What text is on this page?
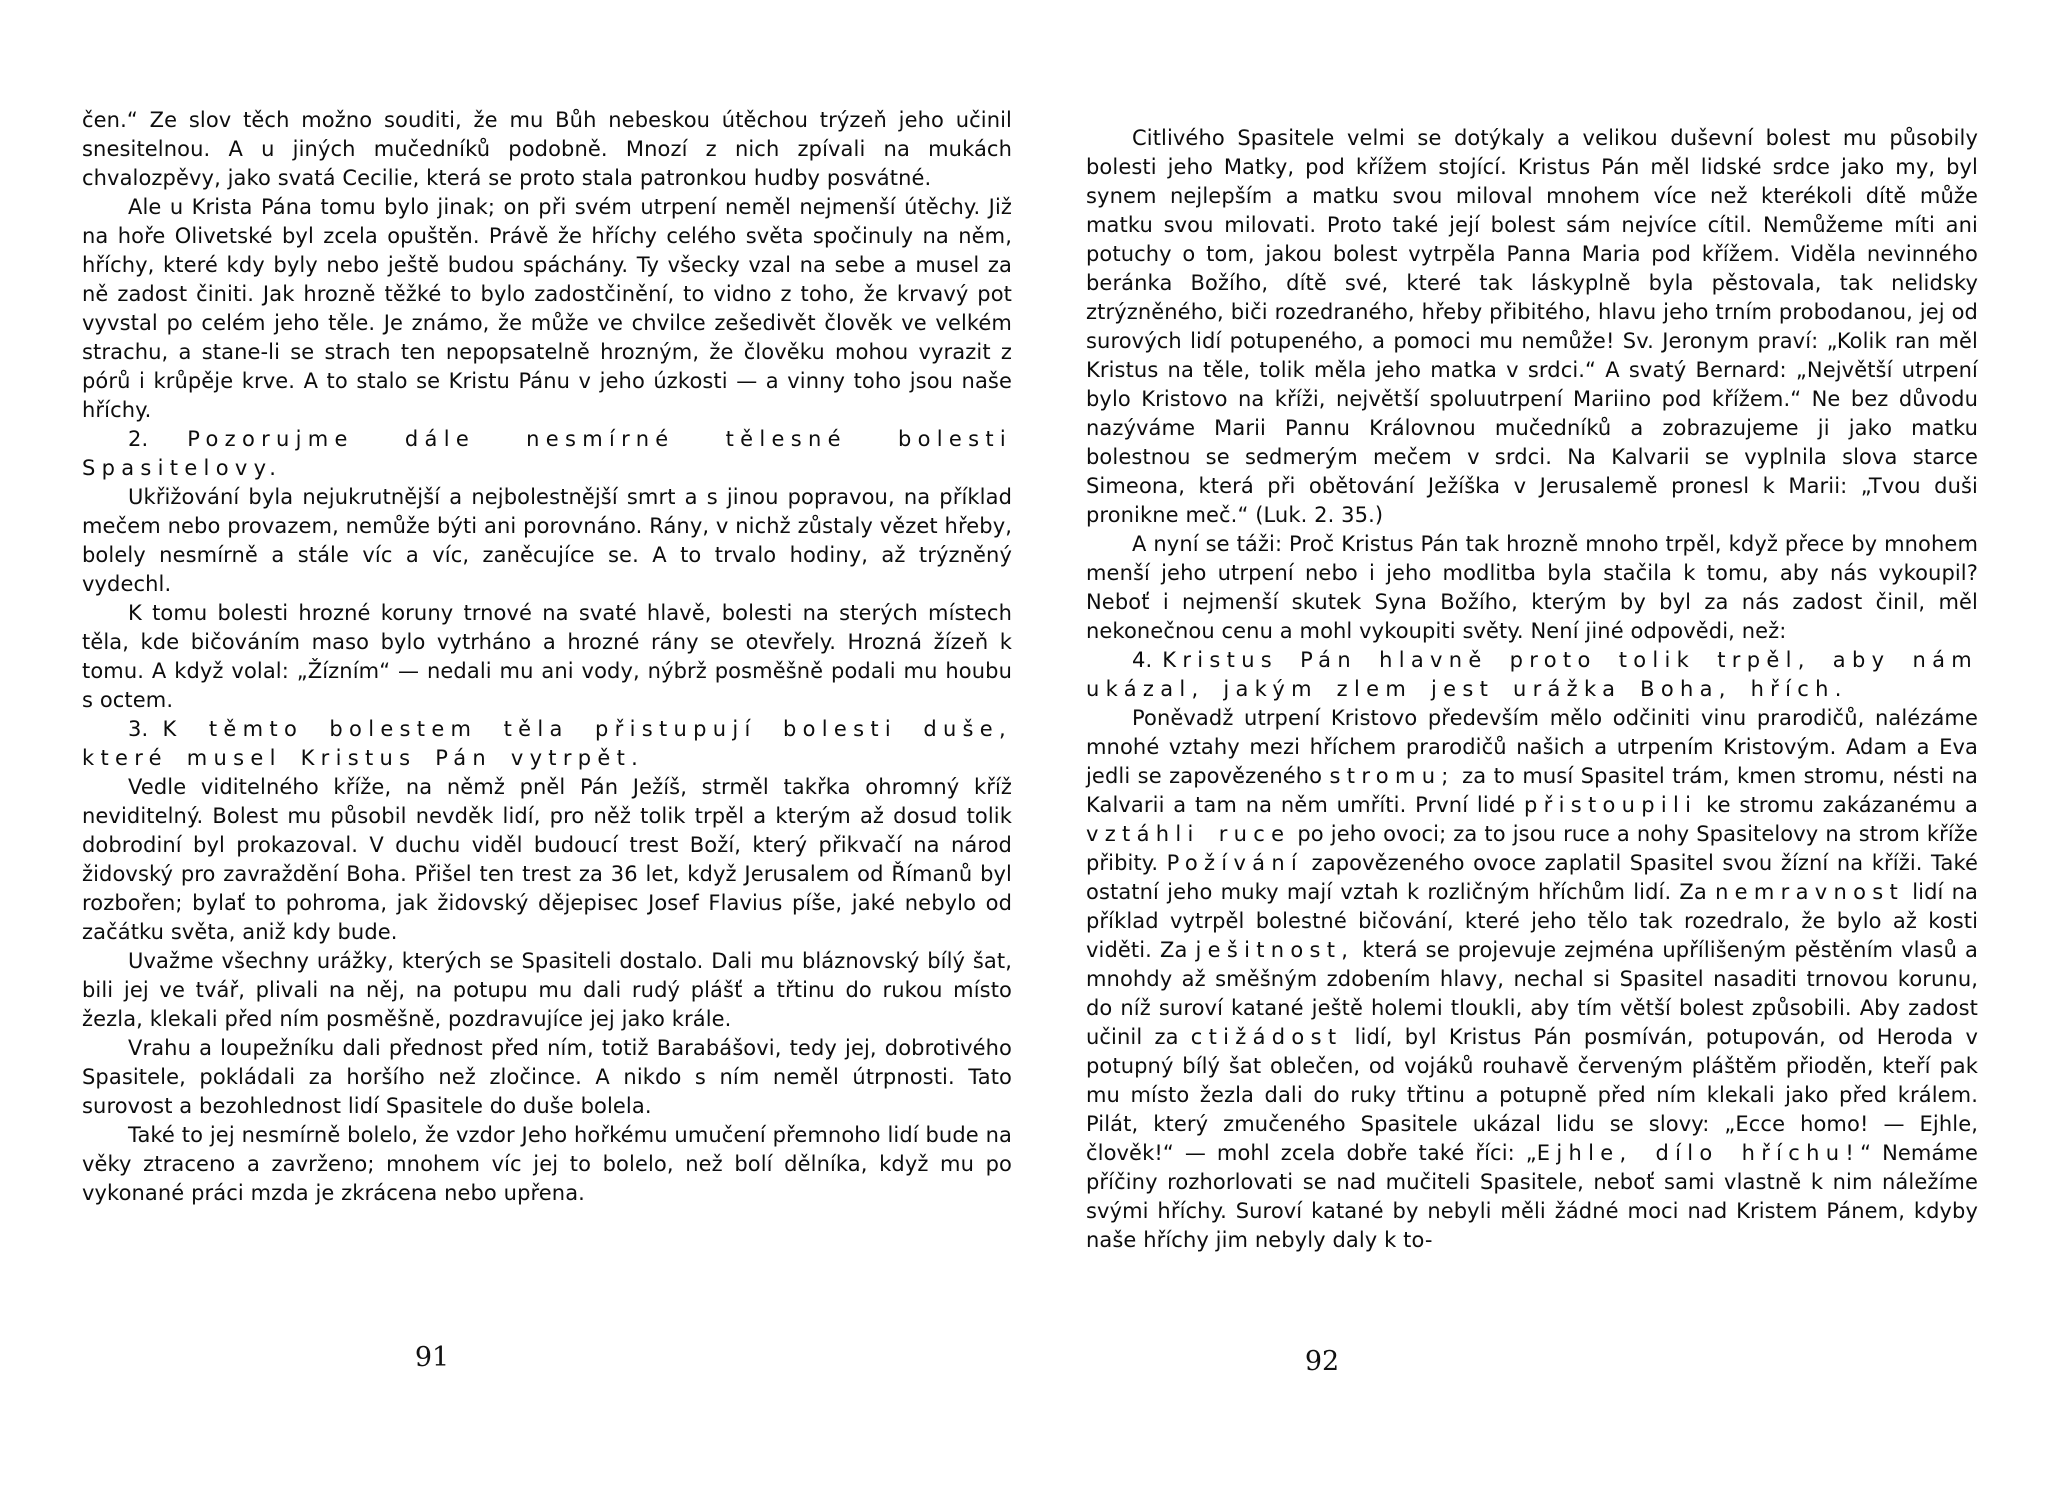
čen.“ Ze slov těch možno souditi, že mu Bůh nebeskou útěchou trýzeň jeho učinil snesitelnou. A u jiných mučedníků podobně. Mnozí z nich zpívali na mukách chvalozpěvy, jako svatá Cecilie, která se proto stala patronkou hudby posvátné.

Ale u Krista Pána tomu bylo jinak; on při svém utrpení neměl nejmenší útěchy. Již na hoře Olivetské byl zcela opuštěn. Právě že hříchy celého světa spočinuly na něm, hříchy, které kdy byly nebo ještě budou spáchány. Ty všecky vzal na sebe a musel za ně zadost činiti. Jak hrozně těžké to bylo zadostčinění, to vidno z toho, že krvavý pot vyvstal po celém jeho těle. Je známo, že může ve chvilce zešedivět člověk ve velkém strachu, a stane-li se strach ten nepopsatelně hrozným, že člověku mohou vyrazit z pórů i krůpěje krve. A to stalo se Kristu Pánu v jeho úzkosti — a vinny toho jsou naše hříchy.

2. Pozorujme dále nesmírné tělesné bolesti Spasitelovy.

Ukřižování byla nejukrutnější a nejbolestnější smrt a s jinou popravou, na příklad mečem nebo provazem, nemůže býti ani porovnáno. Rány, v nichž zůstaly vězet hřeby, bolely nesmírně a stále víc a víc, zaněcujíce se. A to trvalo hodiny, až trýzněný vydechl.

K tomu bolesti hrozné koruny trnové na svaté hlavě, bolesti na sterých místech těla, kde bičováním maso bylo vytrháno a hrozné rány se otevřely. Hrozná žízeň k tomu. A když volal: „Žízním“ — nedali mu ani vody, nýbrž posměšně podali mu houbu s octem.

3. K těmto bolestem těla přistupují bolesti duše, které musel Kristus Pán vytrpět.

Vedle viditelného kříže, na němž pněl Pán Ježíš, strměl takřka ohromný kříž neviditelný. Bolest mu působil nevděk lidí, pro něž tolik trpěl a kterým až dosud tolik dobrodiní byl prokazoval. V duchu viděl budoucí trest Boží, který přikvačí na národ židovský pro zavraždění Boha. Přišel ten trest za 36 let, když Jerusalem od Římanů byl rozbořen; bylať to pohroma, jak židovský dějepisec Josef Flavius píše, jaké nebylo od začátku světa, aniž kdy bude.

Uvažme všechny urážky, kterých se Spasiteli dostalo. Dali mu bláznovský bílý šat, bili jej ve tvář, plivali na něj, na potupu mu dali rudý plášť a třtinu do rukou místo žezla, klekali před ním posměšně, pozdravujíce jej jako krále.

Vrahu a loupežníku dali přednost před ním, totiž Barabášovi, tedy jej, dobrotivého Spasitele, pokládali za horšího než zločince. A nikdo s ním neměl útrpnosti. Tato surovost a bezohlednost lidí Spasitele do duše bolela.

Také to jej nesmírně bolelo, že vzdor Jeho hořkému umučení přemnoho lidí bude na věky ztraceno a zavrženo; mnohem víc jej to bolelo, než bolí dělníka, když mu po vykonané práci mzda je zkrácena nebo upřena.

Citlivého Spasitele velmi se dotýkaly a velikou duševní bolest mu působily bolesti jeho Matky, pod křížem stojící. Kristus Pán měl lidské srdce jako my, byl synem nejlepším a matku svou miloval mnohem více než kterékoli dítě může matku svou milovati. Proto také její bolest sám nejvíce cítil. Nemůžeme míti ani potuchy o tom, jakou bolest vytrpěla Panna Maria pod křížem. Viděla nevinného beránka Božího, dítě své, které tak láskyplně byla pěstovala, tak nelidsky ztrýzněného, biči rozedraného, hřeby přibitého, hlavu jeho trním probodanou, jej od surových lidí potupeného, a pomoci mu nemůže! Sv. Jeronym praví: „Kolik ran měl Kristus na těle, tolik měla jeho matka v srdci.“ A svatý Bernard: „Největší utrpení bylo Kristovo na kříži, největší spoluutrpení Mariino pod křížem.“ Ne bez důvodu nazýváme Marii Pannu Královnou mučedníků a zobrazujeme ji jako matku bolestnou se sedmerým mečem v srdci. Na Kalvarii se vyplnila slova starce Simeona, která při obětování Ježíška v Jerusalemě pronesl k Marii: „Tvou duši pronikne meč.“ (Luk. 2. 35.)

A nyní se táži: Proč Kristus Pán tak hrozně mnoho trpěl, když přece by mnohem menší jeho utrpení nebo i jeho modlitba byla stačila k tomu, aby nás vykoupil? Neboť i nejmenší skutek Syna Božího, kterým by byl za nás zadost činil, měl nekonečnou cenu a mohl vykoupiti světy. Není jiné odpovědi, než:

4. Kristus Pán hlavně proto tolik trpěl, aby nám ukázal, jakým zlem jest urážka Boha, hřích.

Poněvadž utrpení Kristovo především mělo odčiniti vinu prarodičů, nalézáme mnohé vztahy mezi hříchem prarodičů našich a utrpením Kristovým. Adam a Eva jedli se zapovězeného stromu; za to musí Spasitel trám, kmen stromu, nésti na Kalvarii a tam na něm umříti. První lidé přistoupili ke stromu zakázanému a vztáhli ruce po jeho ovoci; za to jsou ruce a nohy Spasitelovy na strom kříže přibity. Požívání zapovězeného ovoce zaplatil Spasitel svou žízní na kříži. Také ostatní jeho muky mají vztah k rozličným hříchům lidí. Za nemravnost lidí na příklad vytrpěl bolestné bičování, které jeho tělo tak rozedralo, že bylo až kosti viděti. Za ješitnost, která se projevuje zejména upřílišeným pěstěním vlasů a mnohdy až směšným zdobením hlavy, nechal si Spasitel nasaditi trnovou korunu, do níž suroví katané ještě holemi tloukli, aby tím větší bolest způsobili. Aby zadost učinil za ctižádost lidí, byl Kristus Pán posmíván, potupován, od Heroda v potupný bílý šat oblečen, od vojáků rouhavě červeným pláštěm přioděn, kteří pak mu místo žezla dali do ruky třtinu a potupně před ním klekali jako před králem. Pilát, který zmučeného Spasitele ukázal lidu se slovy: „Ecce homo! — Ejhle, člověk!“ — mohl zcela dobře také říci: „Ejhle, dílo hříchu!“ Nemáme příčiny rozhorlovati se nad mučiteli Spasitele, neboť sami vlastně k nim náležíme svými hříchy. Suroví katané by nebyli měli žádné moci nad Kristem Pánem, kdyby naše hříchy jim nebyly daly k to-

91	92
